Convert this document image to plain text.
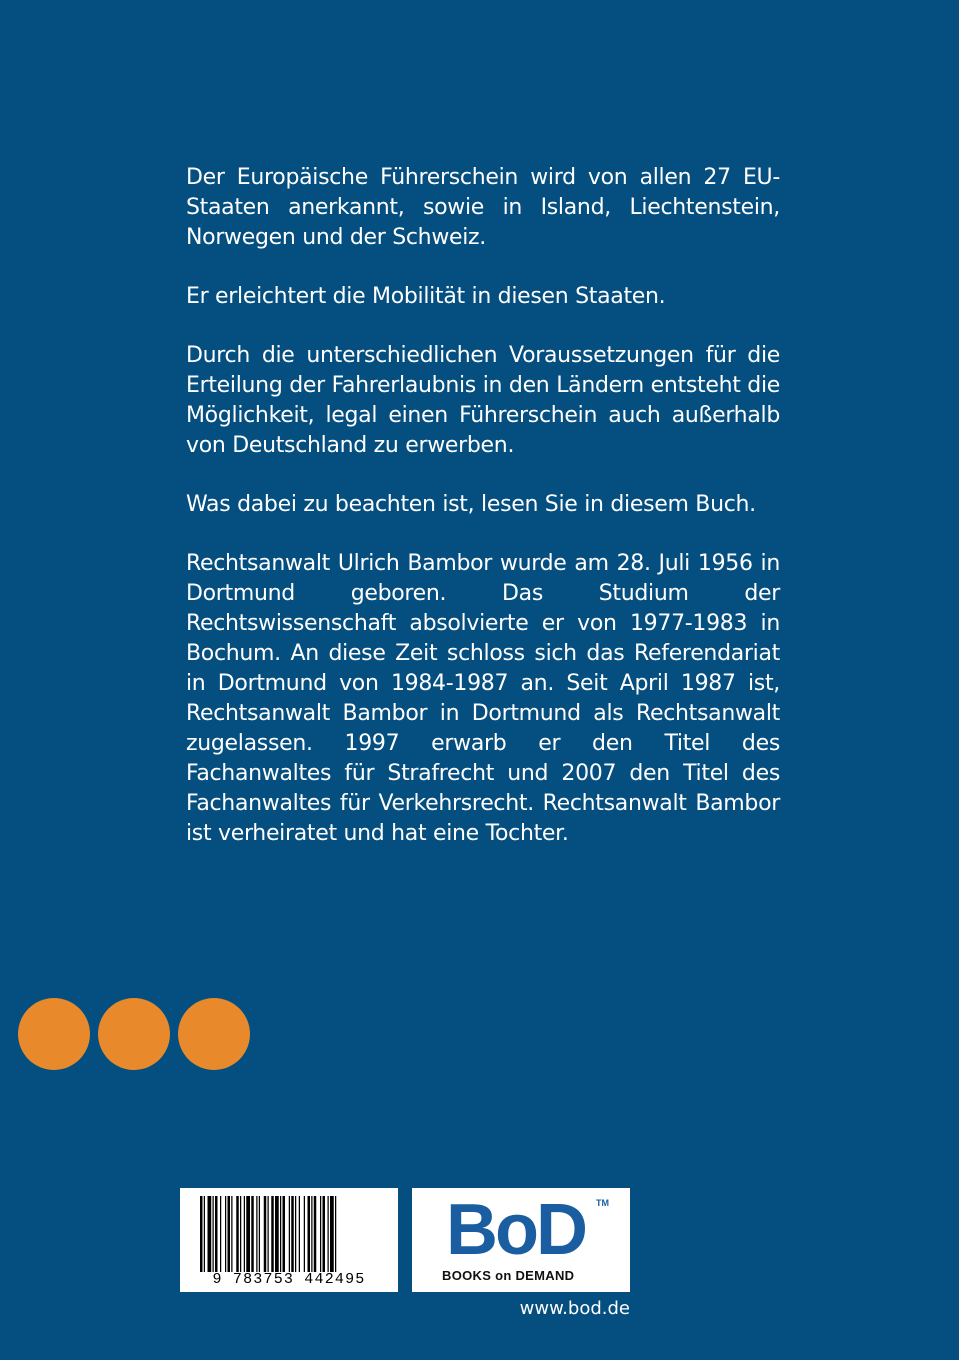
Der Europäische Führerschein wird von allen 27 EU-Staaten anerkannt, sowie in Island, Liechtenstein, Norwegen und der Schweiz.

Er erleichtert die Mobilität in diesen Staaten.

Durch die unterschiedlichen Voraussetzungen für die Erteilung der Fahrerlaubnis in den Ländern entsteht die Möglichkeit, legal einen Führerschein auch außerhalb von Deutschland zu erwerben.

Was dabei zu beachten ist, lesen Sie in diesem Buch.

Rechtsanwalt Ulrich Bambor wurde am 28. Juli 1956 in Dortmund geboren. Das Studium der Rechtswissenschaft absolvierte er von 1977-1983 in Bochum. An diese Zeit schloss sich das Referendariat in Dortmund von 1984-1987 an. Seit April 1987 ist, Rechtsanwalt Bambor in Dortmund als Rechtsanwalt zugelassen. 1997 erwarb er den Titel des Fachanwaltes für Strafrecht und 2007 den Titel des Fachanwaltes für Verkehrsrecht. Rechtsanwalt Bambor ist verheiratet und hat eine Tochter.

9 783753 442495
BoD TM
BOOKS on DEMAND
www.bod.de
